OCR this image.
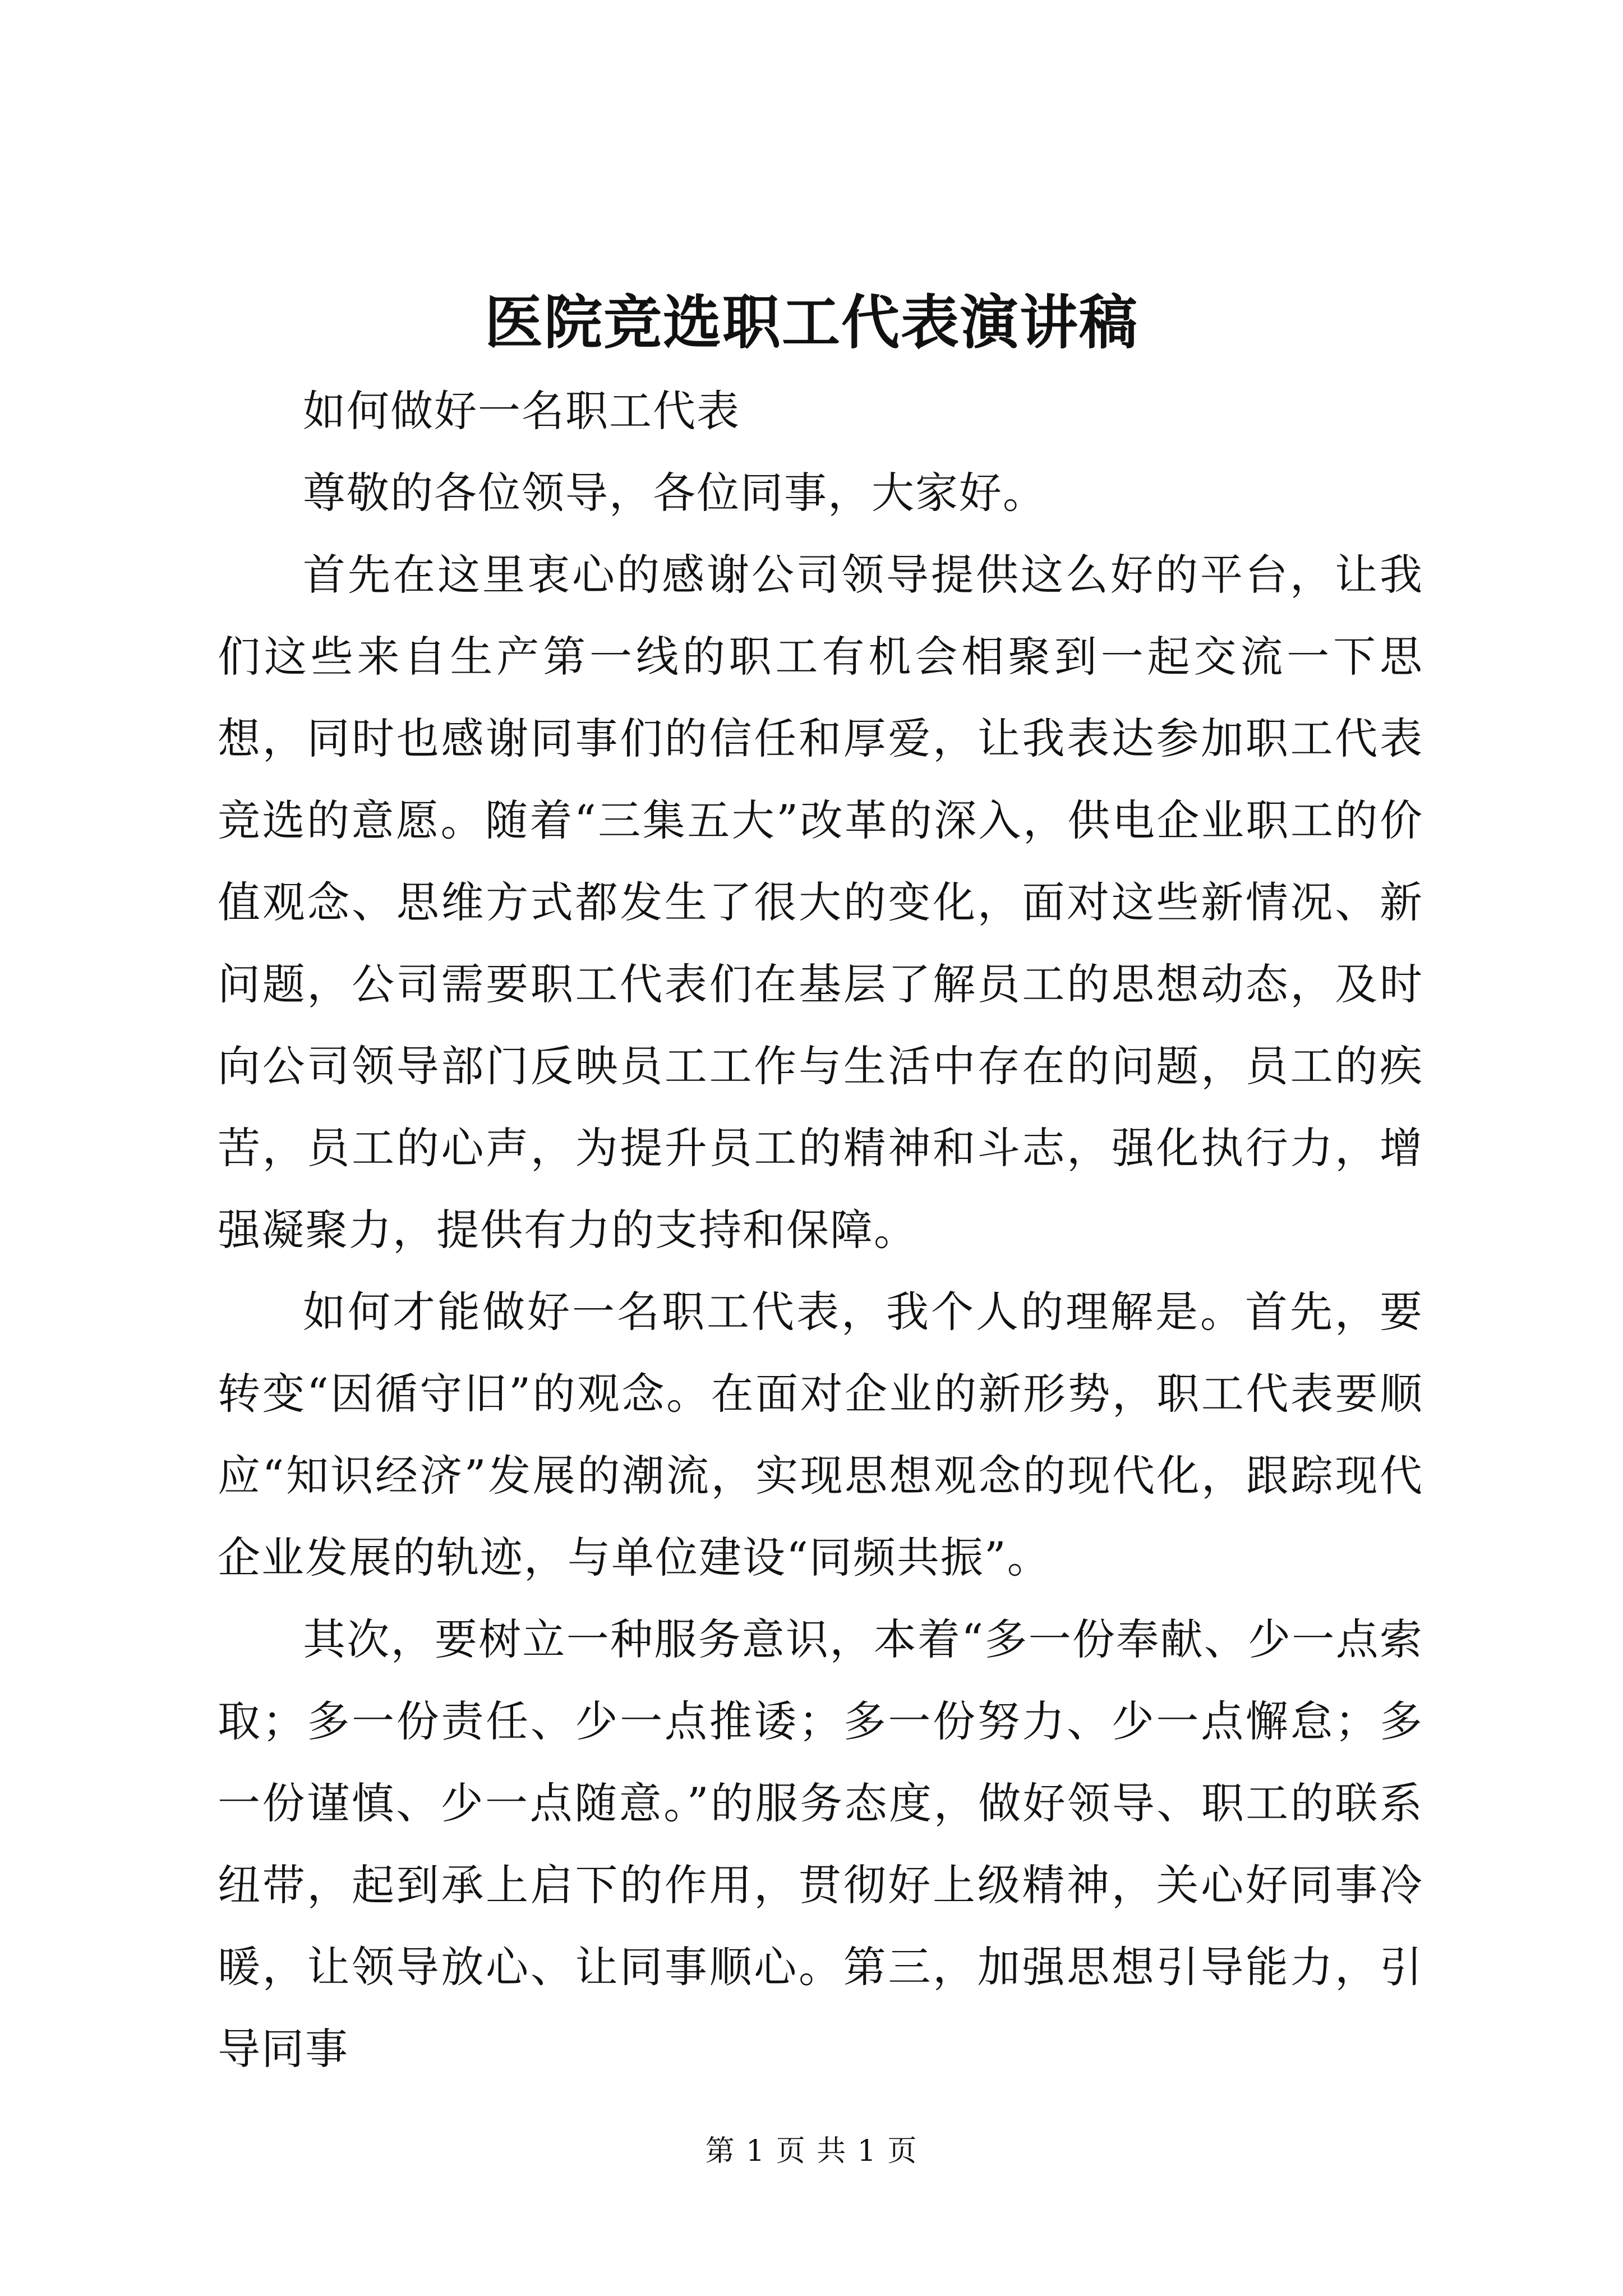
医院竞选职工代表演讲稿

如何做好一名职工代表

尊敬的各位领导，各位同事，大家好。

首先在这里衷心的感谢公司领导提供这么好的平台，让我们这些来自生产第一线的职工有机会相聚到一起交流一下思想，同时也感谢同事们的信任和厚爱，让我表达参加职工代表竞选的意愿。随着“三集五大”改革的深入，供电企业职工的价值观念、思维方式都发生了很大的变化，面对这些新情况、新问题，公司需要职工代表们在基层了解员工的思想动态，及时向公司领导部门反映员工工作与生活中存在的问题，员工的疾苦，员工的心声，为提升员工的精神和斗志，强化执行力，增强凝聚力，提供有力的支持和保障。

如何才能做好一名职工代表，我个人的理解是。首先，要转变“因循守旧”的观念。在面对企业的新形势，职工代表要顺应“知识经济”发展的潮流，实现思想观念的现代化，跟踪现代企业发展的轨迹，与单位建设“同频共振”。

其次，要树立一种服务意识，本着“多一份奉献、少一点索取；多一份责任、少一点推诿；多一份努力、少一点懈怠；多一份谨慎、少一点随意。”的服务态度，做好领导、职工的联系纽带，起到承上启下的作用，贯彻好上级精神，关心好同事冷暖，让领导放心、让同事顺心。第三，加强思想引导能力，引导同事

第 1 页 共 1 页
